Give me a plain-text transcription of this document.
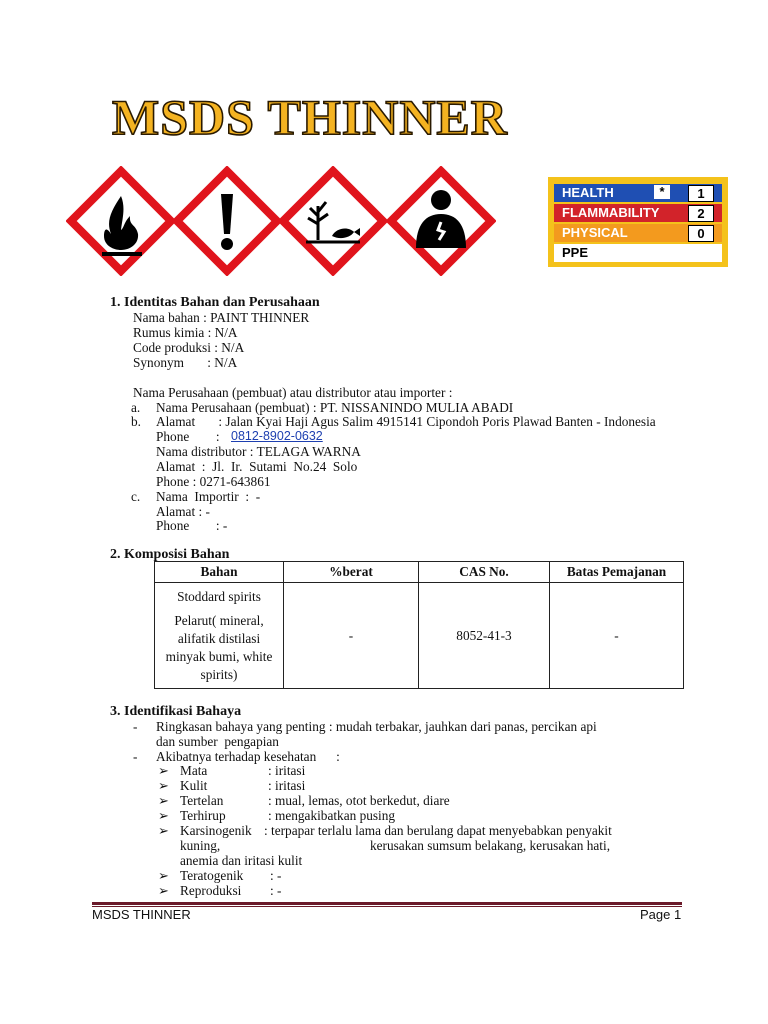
MSDS THINNER
HEALTH	*	1
FLAMMABILITY	2
PHYSICAL	0
PPE
1. Identitas Bahan dan Perusahaan
Nama bahan : PAINT THINNER
Rumus kimia : N/A
Code produksi : N/A
Synonym       : N/A
Nama Perusahaan (pembuat) atau distributor atau importer :
a. Nama Perusahaan (pembuat) : PT. NISSANINDO MULIA ABADI
b. Alamat       : Jalan Kyai Haji Agus Salim 4915141 Cipondoh Poris Plawad Banten - Indonesia
Phone        : 0812-8902-0632
Nama distributor : TELAGA WARNA
Alamat  :  Jl.  Ir.  Sutami  No.24  Solo
Phone : 0271-643861
c. Nama  Importir  :  -
Alamat : -
Phone        : -
2. Komposisi Bahan
Bahan	%berat	CAS No.	Batas Pemajanan

Stoddard spirits
Pelarut( mineral,
alifatik distilasi
minyak bumi, white
spirits)	-	8052-41-3	-
3. Identifikasi Bahaya
- Ringkasan bahaya yang penting : mudah terbakar, jauhkan dari panas, percikan api
dan sumber  pengapian
- Akibatnya terhadap kesehatan      :
➢ Mata	: iritasi
➢ Kulit	: iritasi
➢ Tertelan	: mual, lemas, otot berkedut, diare
➢ Terhirup	: mengakibatkan pusing
➢ Karsinogenik : terpapar terlalu lama dan berulang dapat menyebabkan penyakit
kuning,	kerusakan sumsum belakang, kerusakan hati,
anemia dan iritasi kulit
➢ Teratogenik : -
➢ Reproduksi : -
MSDS THINNER	Page 1
